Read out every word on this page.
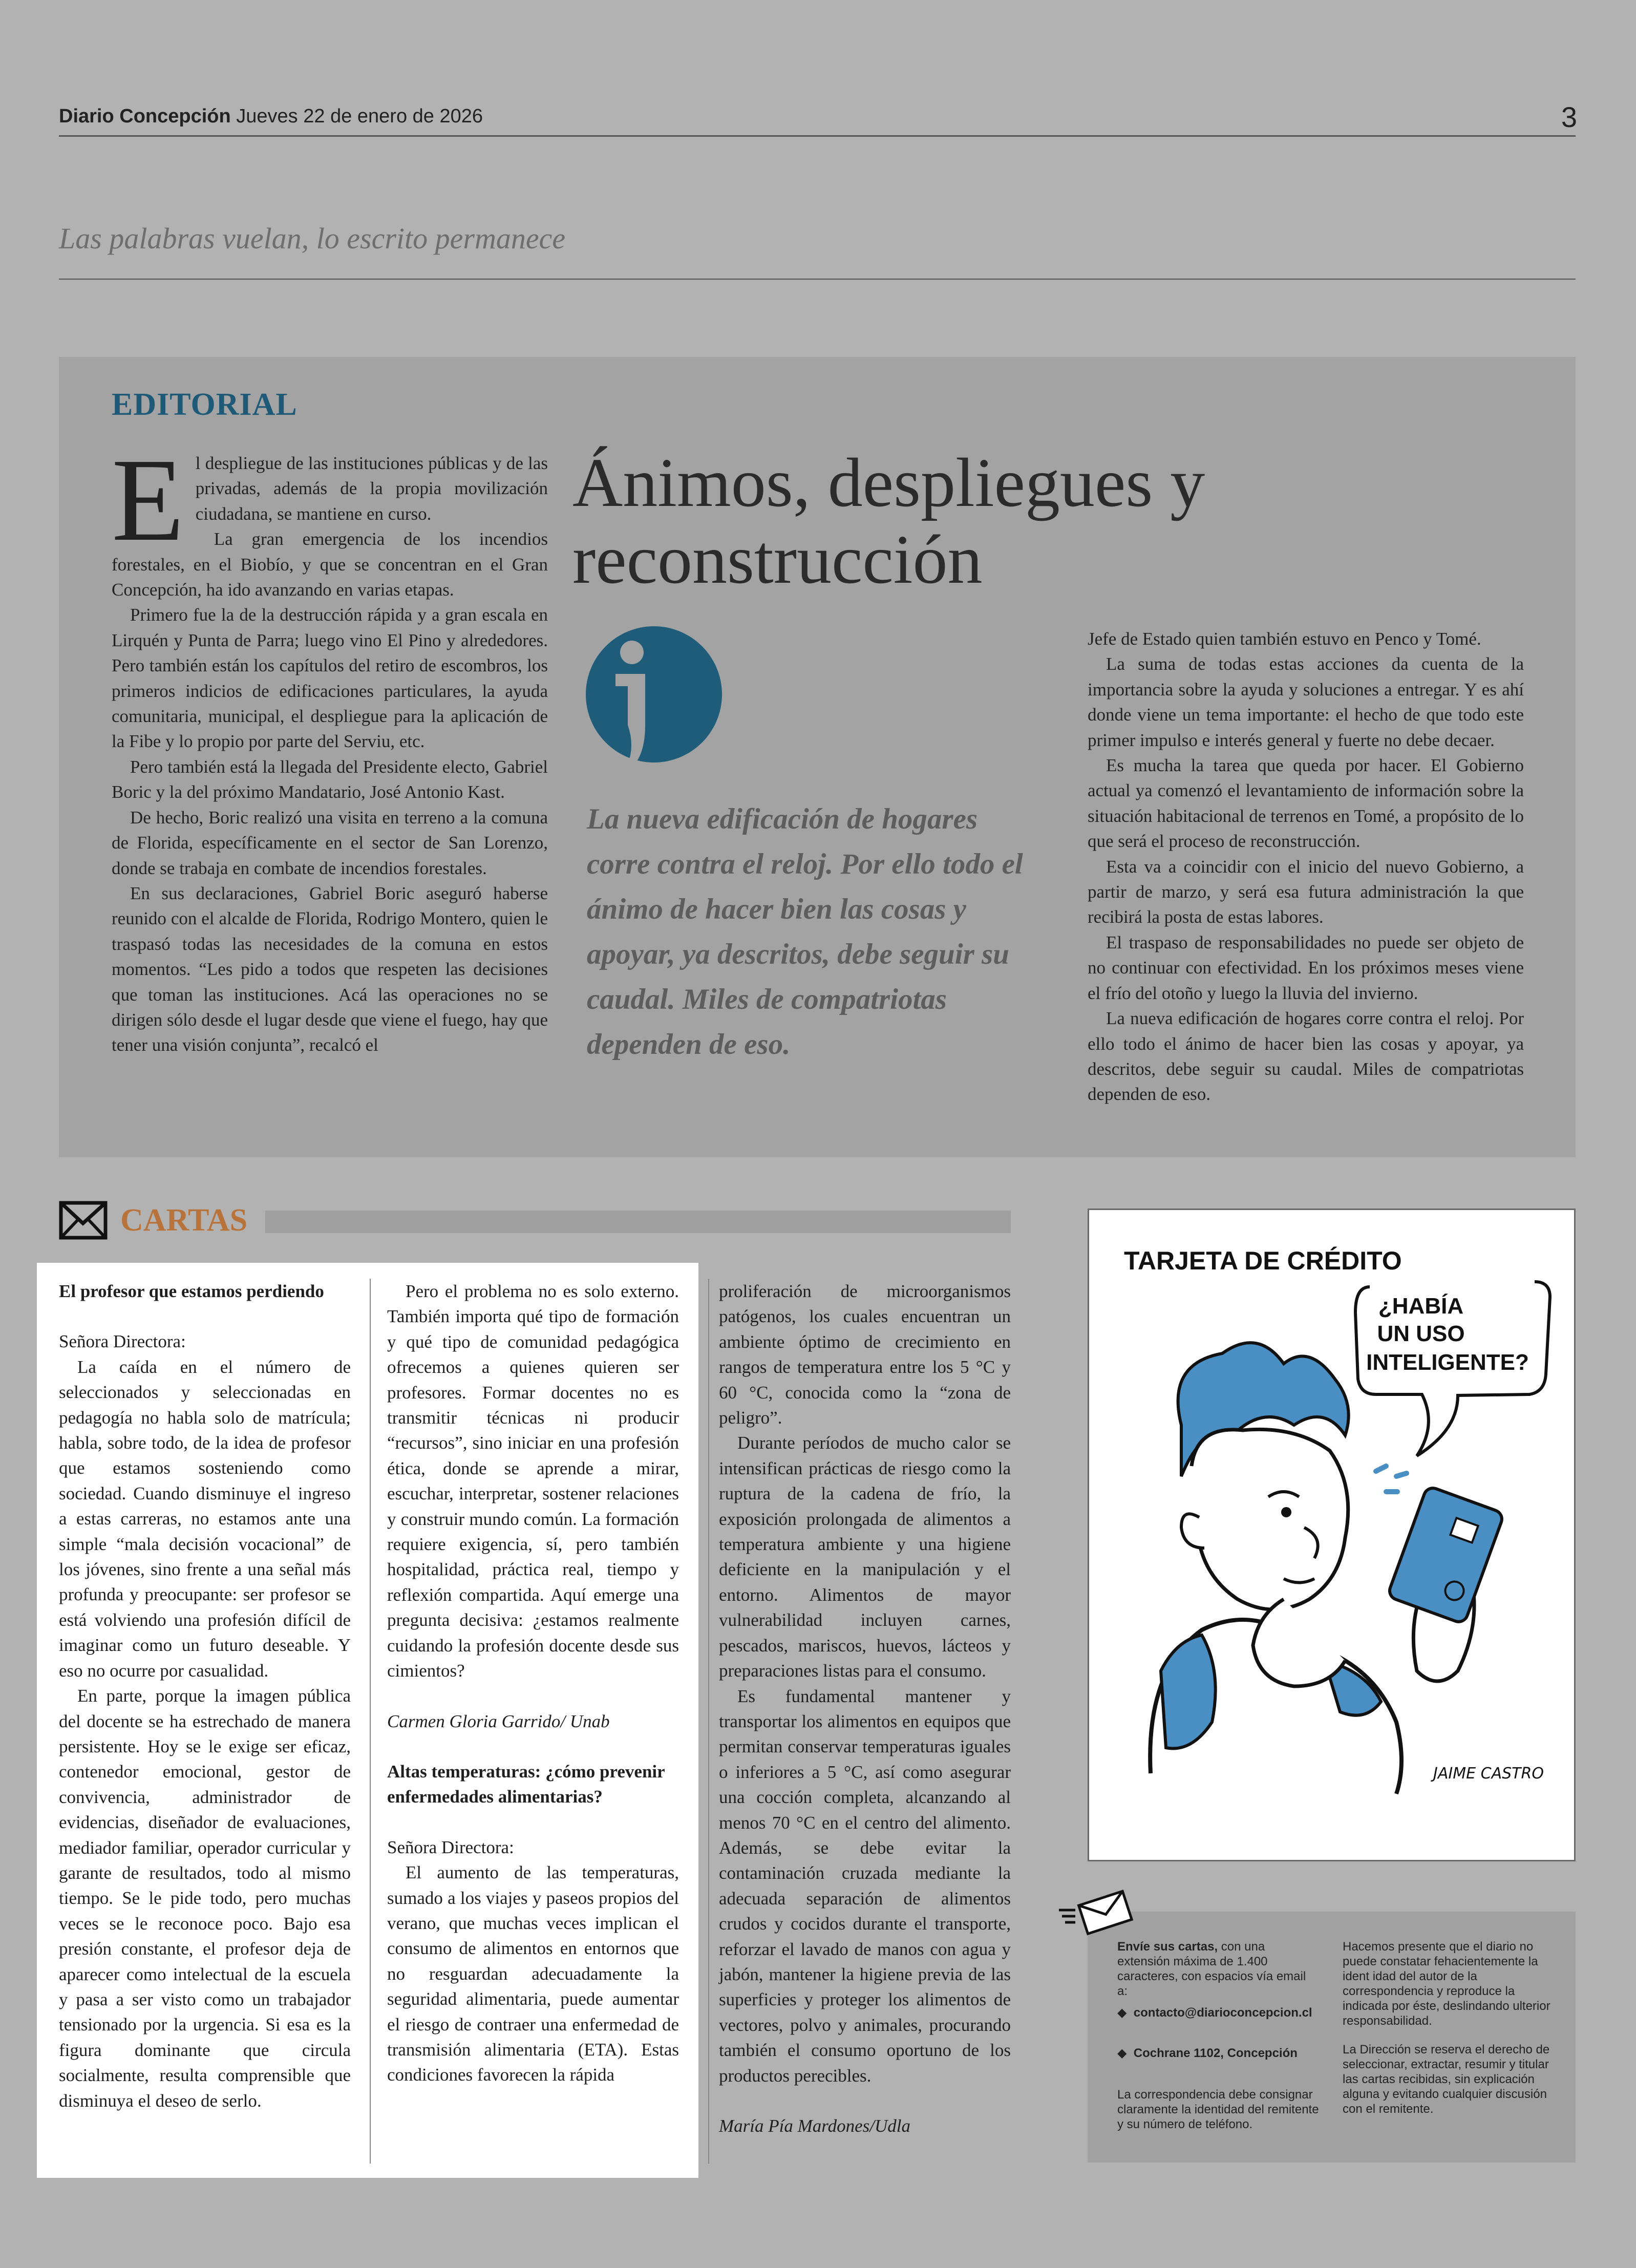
Diario Concepción Jueves 22 de enero de 2026	3
Las palabras vuelan, lo escrito permanece
EDITORIAL

El despliegue de las instituciones públicas y de las privadas, además de la propia movilización ciudadana, se mantiene en curso.

La gran emergencia de los incendios forestales, en el Biobío, y que se concentran en el Gran Concepción, ha ido avanzando en varias etapas.

Primero fue la de la destrucción rápida y a gran escala en Lirquén y Punta de Parra; luego vino El Pino y alrededores. Pero también están los capítulos del retiro de escombros, los primeros indicios de edificaciones particulares, la ayuda comunitaria, municipal, el despliegue para la aplicación de la Fibe y lo propio por parte del Serviu, etc.

Pero también está la llegada del Presidente electo, Gabriel Boric y la del próximo Mandatario, José Antonio Kast.

De hecho, Boric realizó una visita en terreno a la comuna de Florida, específicamente en el sector de San Lorenzo, donde se trabaja en combate de incendios forestales.

En sus declaraciones, Gabriel Boric aseguró haberse reunido con el alcalde de Florida, Rodrigo Montero, quien le traspasó todas las necesidades de la comuna en estos momentos. “Les pido a todos que respeten las decisiones que toman las instituciones. Acá las operaciones no se dirigen sólo desde el lugar desde que viene el fuego, hay que tener una visión conjunta”, recalcó el

Ánimos, despliegues y reconstrucción
La nueva edificación de hogares corre contra el reloj. Por ello todo el ánimo de hacer bien las cosas y apoyar, ya descritos, debe seguir su caudal. Miles de compatriotas dependen de eso.

Jefe de Estado quien también estuvo en Penco y Tomé.

La suma de todas estas acciones da cuenta de la importancia sobre la ayuda y soluciones a entregar. Y es ahí donde viene un tema importante: el hecho de que todo este primer impulso e interés general y fuerte no debe decaer.

Es mucha la tarea que queda por hacer. El Gobierno actual ya comenzó el levantamiento de información sobre la situación habitacional de terrenos en Tomé, a propósito de lo que será el proceso de reconstrucción.

Esta va a coincidir con el inicio del nuevo Gobierno, a partir de marzo, y será esa futura administración la que recibirá la posta de estas labores.

El traspaso de responsabilidades no puede ser objeto de no continuar con efectividad. En los próximos meses viene el frío del otoño y luego la lluvia del invierno.

La nueva edificación de hogares corre contra el reloj. Por ello todo el ánimo de hacer bien las cosas y apoyar, ya descritos, debe seguir su caudal. Miles de compatriotas dependen de eso.

CARTAS

El profesor que estamos perdiendo

Señora Directora:

La caída en el número de seleccionados y seleccionadas en pedagogía no habla solo de matrícula; habla, sobre todo, de la idea de profesor que estamos sosteniendo como sociedad. Cuando disminuye el ingreso a estas carreras, no estamos ante una simple “mala decisión vocacional” de los jóvenes, sino frente a una señal más profunda y preocupante: ser profesor se está volviendo una profesión difícil de imaginar como un futuro deseable. Y eso no ocurre por casualidad.

En parte, porque la imagen pública del docente se ha estrechado de manera persistente. Hoy se le exige ser eficaz, contenedor emocional, gestor de convivencia, administrador de evidencias, diseñador de evaluaciones, mediador familiar, operador curricular y garante de resultados, todo al mismo tiempo. Se le pide todo, pero muchas veces se le reconoce poco. Bajo esa presión constante, el profesor deja de aparecer como intelectual de la escuela y pasa a ser visto como un trabajador tensionado por la urgencia. Si esa es la figura dominante que circula socialmente, resulta comprensible que disminuya el deseo de serlo.

Pero el problema no es solo externo. También importa qué tipo de formación y qué tipo de comunidad pedagógica ofrecemos a quienes quieren ser profesores. Formar docentes no es transmitir técnicas ni producir “recursos”, sino iniciar en una profesión ética, donde se aprende a mirar, escuchar, interpretar, sostener relaciones y construir mundo común. La formación requiere exigencia, sí, pero también hospitalidad, práctica real, tiempo y reflexión compartida. Aquí emerge una pregunta decisiva: ¿estamos realmente cuidando la profesión docente desde sus cimientos?

Carmen Gloria Garrido/ Unab

Altas temperaturas: ¿cómo prevenir enfermedades alimentarias?

Señora Directora:

El aumento de las temperaturas, sumado a los viajes y paseos propios del verano, que muchas veces implican el consumo de alimentos en entornos que no resguardan adecuadamente la seguridad alimentaria, puede aumentar el riesgo de contraer una enfermedad de transmisión alimentaria (ETA). Estas condiciones favorecen la rápida

proliferación de microorganismos patógenos, los cuales encuentran un ambiente óptimo de crecimiento en rangos de temperatura entre los 5 °C y 60 °C, conocida como la “zona de peligro”.

Durante períodos de mucho calor se intensifican prácticas de riesgo como la ruptura de la cadena de frío, la exposición prolongada de alimentos a temperatura ambiente y una higiene deficiente en la manipulación y el entorno. Alimentos de mayor vulnerabilidad incluyen carnes, pescados, mariscos, huevos, lácteos y preparaciones listas para el consumo.

Es fundamental mantener y transportar los alimentos en equipos que permitan conservar temperaturas iguales o inferiores a 5 °C, así como asegurar una cocción completa, alcanzando al menos 70 °C en el centro del alimento. Además, se debe evitar la contaminación cruzada mediante la adecuada separación de alimentos crudos y cocidos durante el transporte, reforzar el lavado de manos con agua y jabón, mantener la higiene previa de las superficies y proteger los alimentos de vectores, polvo y animales, procurando también el consumo oportuno de los productos perecibles.

María Pía Mardones/Udla

TARJETA DE CRÉDITO
¿HABÍA
UN USO
INTELIGENTE?
JAIME CASTRO
Envíe sus cartas, con una extensión máxima de 1.400 caracteres, con espacios vía email a:
◆  contacto@diarioconcepcion.cl
◆  Cochrane 1102, Concepción
La correspondencia debe consignar claramente la identidad del remitente y su número de teléfono.
Hacemos presente que el diario no puede constatar fehacientemente la ident idad del autor de la correspondencia y reproduce la indicada por éste, deslindando ulterior responsabilidad.
La Dirección se reserva el derecho de seleccionar, extractar, resumir y titular las cartas recibidas, sin explicación alguna y evitando cualquier discusión con el remitente.
